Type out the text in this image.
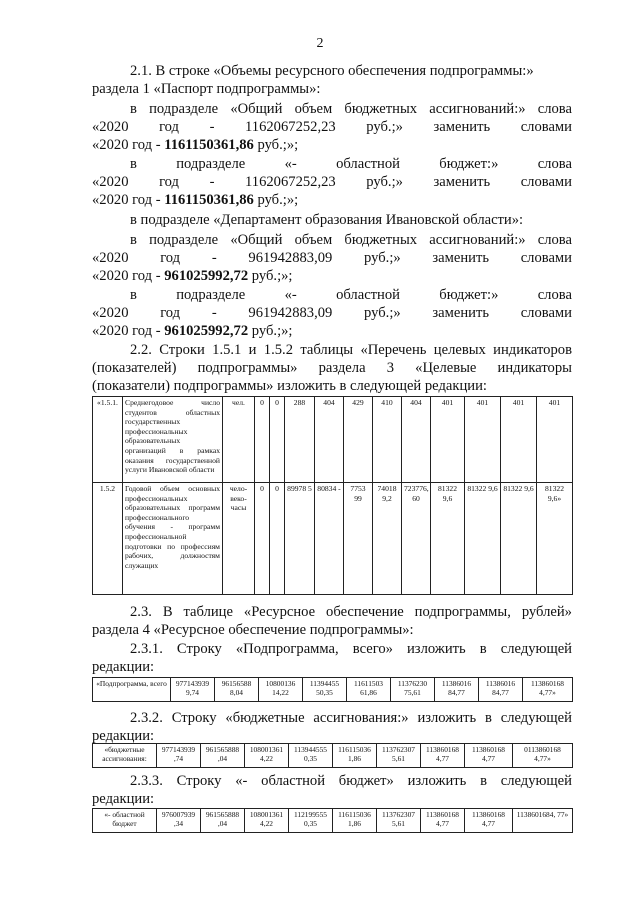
2
2.1. В строке «Объемы ресурсного обеспечения подпрограммы:»
раздела 1 «Паспорт подпрограммы»:
в подразделе «Общий объем бюджетных ассигнований:» слова
«2020 год - 1162067252,23 руб.;» заменить словами
«2020 год - 1161150361,86 руб.;»;
в	подразделе	«-	областной	бюджет:»	слова
«2020 год - 1162067252,23 руб.;» заменить словами
«2020 год - 1161150361,86 руб.;»;
в подразделе «Департамент образования Ивановской области»:
в подразделе «Общий объем бюджетных ассигнований:» слова
«2020 год - 961942883,09 руб.;» заменить словами
«2020 год - 961025992,72 руб.;»;
в	подразделе	«-	областной	бюджет:»	слова
«2020 год - 961942883,09 руб.;» заменить словами
«2020 год - 961025992,72 руб.;»;
2.2. Строки 1.5.1 и 1.5.2 таблицы «Перечень целевых индикаторов
(показателей) подпрограммы» раздела 3 «Целевые индикаторы
(показатели) подпрограммы» изложить в следующей редакции:
«1.5.1.	Среднегодовое число студентов областных государственных профессиональных образовательных организаций в рамках оказания государственной услуги Ивановской области	чел.	0	0	288	404	429	410	404	401	401	401	401
1.5.2	Годовой объем основных профессиональных образовательных программ профессионального обучения - программ профессиональной подготовки по профессиям рабочих, должностям служащих	чело-веко-часы	0	0	89978 5	80834 -	7753 99	74018 9,2	723776, 60	81322 9,6	81322 9,6	81322 9,6	81322 9,6»
2.3. В таблице «Ресурсное обеспечение подпрограммы, рублей»
раздела 4 «Ресурсное обеспечение подпрограммы»:
2.3.1. Строку «Подпрограмма, всего» изложить в следующей
редакции:
«Подпрограмма, всего	977143939 9,74	96156588 8,04	10800136 14,22	11394455 50,35	11611503 61,86	11376230 75,61	11386016 84,77	11386016 84,77	113860168 4,77»
2.3.2. Строку «бюджетные ассигнования:» изложить в следующей
редакции:
«бюджетные ассигнования:	977143939 ,74	961565888 ,04	108001361 4,22	113944555 0,35	116115036 1,86	113762307 5,61	113860168 4,77	113860168 4,77	0113860168 4,77»
2.3.3. Строку «- областной бюджет» изложить в следующей
редакции:
«- областной бюджет	976007939 ,34	961565888 ,04	108001361 4,22	112199555 0,35	116115036 1,86	113762307 5,61	113860168 4,77	113860168 4,77	1138601684, 77»
